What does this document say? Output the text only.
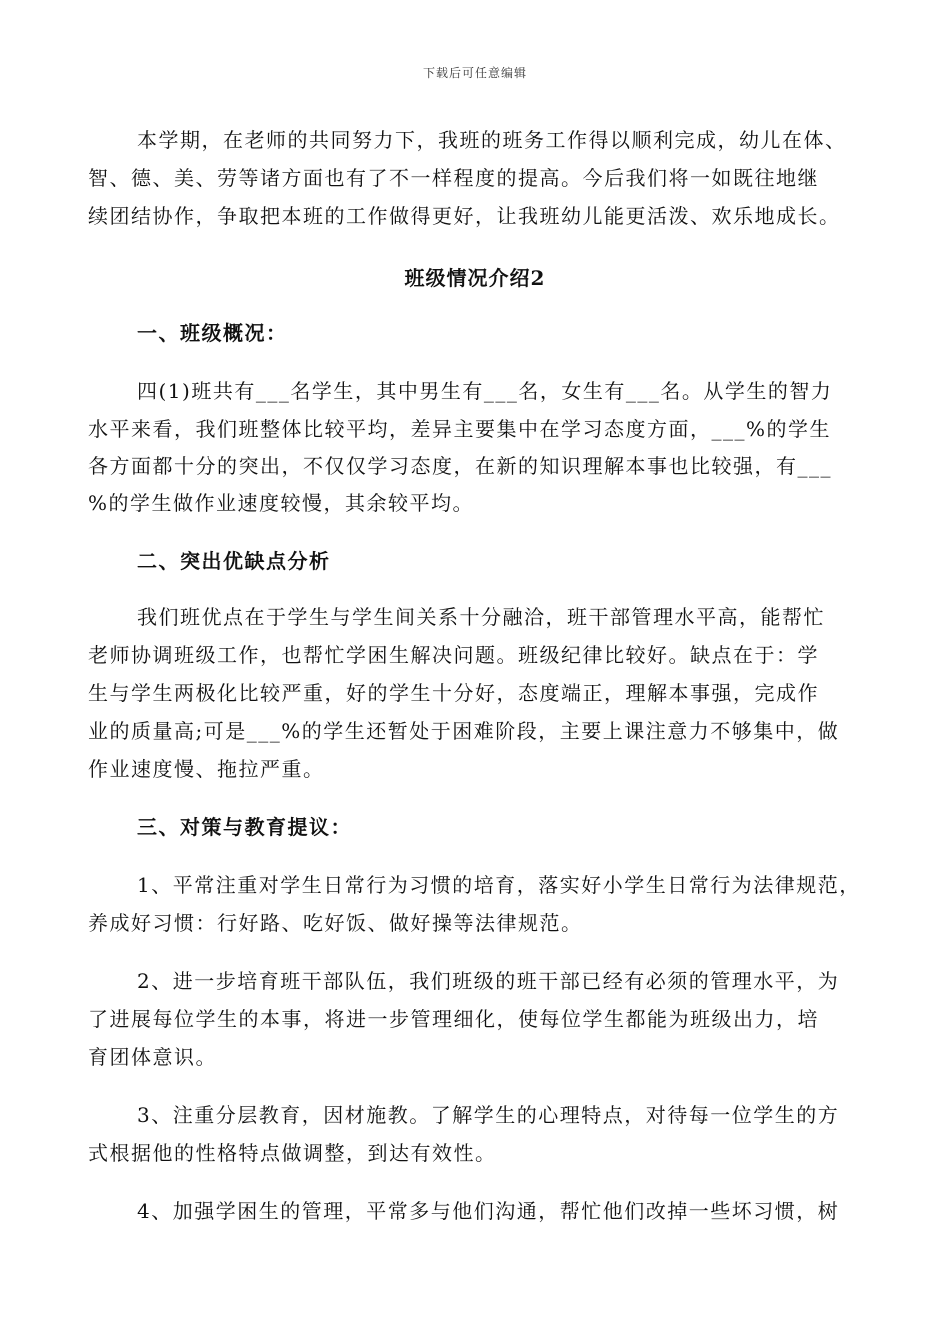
下载后可任意编辑
本学期，在老师的共同努力下，我班的班务工作得以顺利完成，幼儿在体、
智、德、美、劳等诸方面也有了不一样程度的提高。今后我们将一如既往地继
续团结协作，争取把本班的工作做得更好，让我班幼儿能更活泼、欢乐地成长。
班级情况介绍2
一、班级概况：
四(1)班共有___名学生，其中男生有___名，女生有___名。从学生的智力
水平来看，我们班整体比较平均，差异主要集中在学习态度方面，___%的学生
各方面都十分的突出，不仅仅学习态度，在新的知识理解本事也比较强，有___
%的学生做作业速度较慢，其余较平均。
二、突出优缺点分析
我们班优点在于学生与学生间关系十分融洽，班干部管理水平高，能帮忙
老师协调班级工作，也帮忙学困生解决问题。班级纪律比较好。缺点在于：学
生与学生两极化比较严重，好的学生十分好，态度端正，理解本事强，完成作
业的质量高;可是___%的学生还暂处于困难阶段，主要上课注意力不够集中，做
作业速度慢、拖拉严重。
三、对策与教育提议：
1、平常注重对学生日常行为习惯的培育，落实好小学生日常行为法律规范，
养成好习惯：行好路、吃好饭、做好操等法律规范。
2、进一步培育班干部队伍，我们班级的班干部已经有必须的管理水平，为
了进展每位学生的本事，将进一步管理细化，使每位学生都能为班级出力，培
育团体意识。
3、注重分层教育，因材施教。了解学生的心理特点，对待每一位学生的方
式根据他的性格特点做调整，到达有效性。
4、加强学困生的管理，平常多与他们沟通，帮忙他们改掉一些坏习惯，树
